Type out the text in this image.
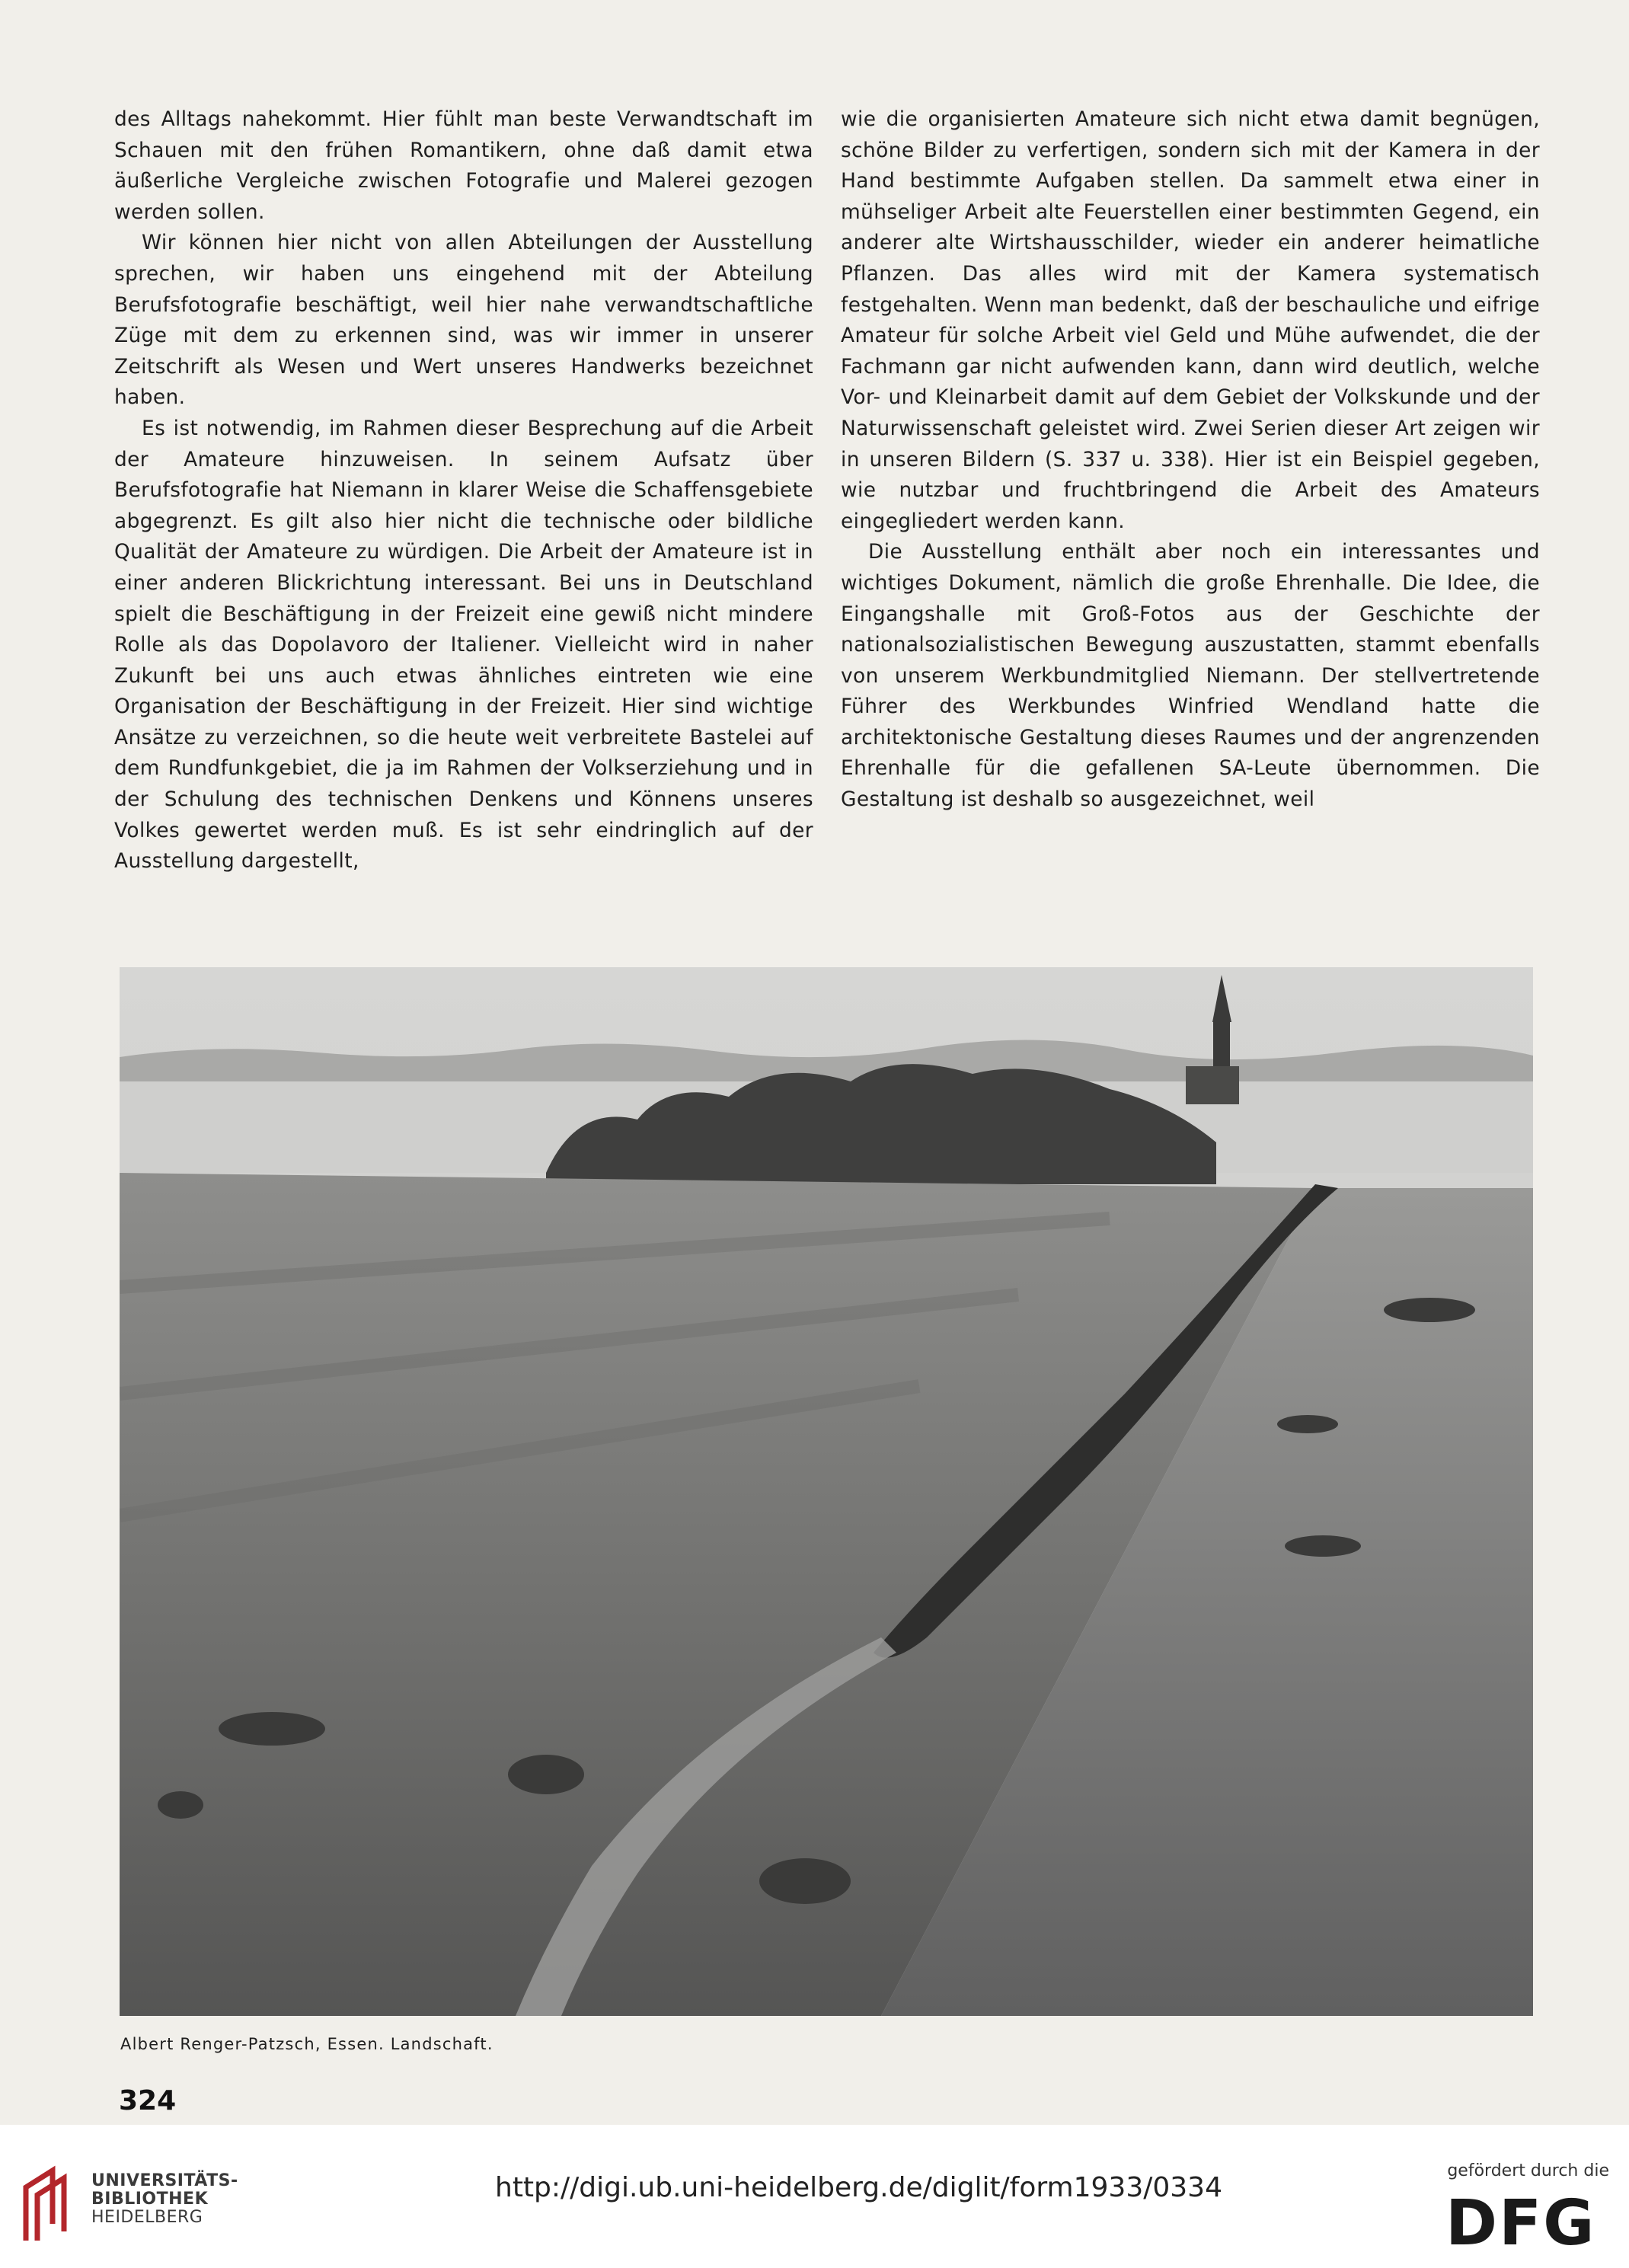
des Alltags nahekommt. Hier fühlt man beste Verwandtschaft im Schauen mit den frühen Romantikern, ohne daß damit etwa äußerliche Vergleiche zwischen Fotografie und Malerei gezogen werden sollen.

Wir können hier nicht von allen Abteilungen der Ausstellung sprechen, wir haben uns eingehend mit der Abteilung Berufsfotografie beschäftigt, weil hier nahe verwandtschaftliche Züge mit dem zu erkennen sind, was wir immer in unserer Zeitschrift als Wesen und Wert unseres Handwerks bezeichnet haben.

Es ist notwendig, im Rahmen dieser Besprechung auf die Arbeit der Amateure hinzuweisen. In seinem Aufsatz über Berufsfotografie hat Niemann in klarer Weise die Schaffensgebiete abgegrenzt. Es gilt also hier nicht die technische oder bildliche Qualität der Amateure zu würdigen. Die Arbeit der Amateure ist in einer anderen Blickrichtung interessant. Bei uns in Deutschland spielt die Beschäftigung in der Freizeit eine gewiß nicht mindere Rolle als das Dopolavoro der Italiener. Vielleicht wird in naher Zukunft bei uns auch etwas ähnliches eintreten wie eine Organisation der Beschäftigung in der Freizeit. Hier sind wichtige Ansätze zu verzeichnen, so die heute weit verbreitete Bastelei auf dem Rundfunkgebiet, die ja im Rahmen der Volkserziehung und in der Schulung des technischen Denkens und Könnens unseres Volkes gewertet werden muß. Es ist sehr eindringlich auf der Ausstellung dargestellt,

wie die organisierten Amateure sich nicht etwa damit begnügen, schöne Bilder zu verfertigen, sondern sich mit der Kamera in der Hand bestimmte Aufgaben stellen. Da sammelt etwa einer in mühseliger Arbeit alte Feuerstellen einer bestimmten Gegend, ein anderer alte Wirtshausschilder, wieder ein anderer heimatliche Pflanzen. Das alles wird mit der Kamera systematisch festgehalten. Wenn man bedenkt, daß der beschauliche und eifrige Amateur für solche Arbeit viel Geld und Mühe aufwendet, die der Fachmann gar nicht aufwenden kann, dann wird deutlich, welche Vor- und Kleinarbeit damit auf dem Gebiet der Volkskunde und der Naturwissenschaft geleistet wird. Zwei Serien dieser Art zeigen wir in unseren Bildern (S. 337 u. 338). Hier ist ein Beispiel gegeben, wie nutzbar und fruchtbringend die Arbeit des Amateurs eingegliedert werden kann.

Die Ausstellung enthält aber noch ein interessantes und wichtiges Dokument, nämlich die große Ehrenhalle. Die Idee, die Eingangshalle mit Groß-Fotos aus der Geschichte der nationalsozialistischen Bewegung auszustatten, stammt ebenfalls von unserem Werkbundmitglied Niemann. Der stellvertretende Führer des Werkbundes Winfried Wendland hatte die architektonische Gestaltung dieses Raumes und der angrenzenden Ehrenhalle für die gefallenen SA-Leute übernommen. Die Gestaltung ist deshalb so ausgezeichnet, weil

Albert Renger-Patzsch, Essen. Landschaft.
324
UNIVERSITÄTS-
BIBLIOTHEK
HEIDELBERG
http://digi.ub.uni-heidelberg.de/diglit/form1933/0334
gefördert durch die
DFG
